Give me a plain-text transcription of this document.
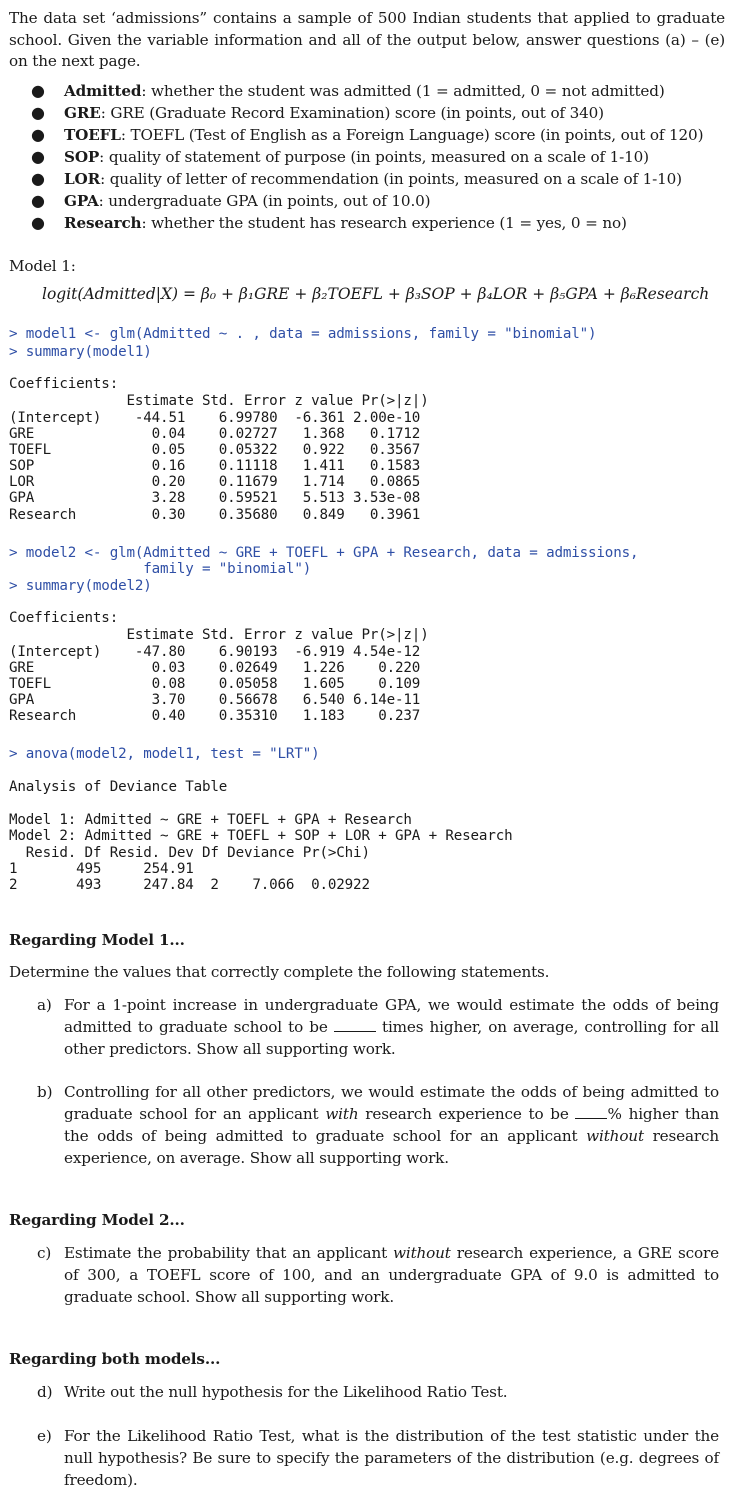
The data set ‘admissions” contains a sample of 500 Indian students that applied to graduate school. Given the variable information and all of the output below, answer questions (a) – (e) on the next page.

● Admitted: whether the student was admitted (1 = admitted, 0 = not admitted)
● GRE: GRE (Graduate Record Examination) score (in points, out of 340)
● TOEFL: TOEFL (Test of English as a Foreign Language) score (in points, out of 120)
● SOP: quality of statement of purpose (in points, measured on a scale of 1-10)
● LOR: quality of letter of recommendation (in points, measured on a scale of 1-10)
● GPA: undergraduate GPA (in points, out of 10.0)
● Research: whether the student has research experience (1 = yes, 0 = no)
Model 1:
logit(Admitted|X) = β₀ + β₁GRE + β₂TOEFL + β₃SOP + β₄LOR + β₅GPA + β₆Research

> model1 <- glm(Admitted ~ . , data = admissions, family = "binomial")

> summary(model1)

Coefficients:

Estimate Std. Error z value Pr(>|z|)

(Intercept)    -44.51    6.99780  -6.361 2.00e-10

GRE              0.04    0.02727   1.368   0.1712

TOEFL            0.05    0.05322   0.922   0.3567

SOP              0.16    0.11118   1.411   0.1583

LOR              0.20    0.11679   1.714   0.0865

GPA              3.28    0.59521   5.513 3.53e-08

Research         0.30    0.35680   0.849   0.3961

> model2 <- glm(Admitted ~ GRE + TOEFL + GPA + Research, data = admissions,

family = "binomial")

> summary(model2)

Coefficients:

Estimate Std. Error z value Pr(>|z|)

(Intercept)    -47.80    6.90193  -6.919 4.54e-12

GRE              0.03    0.02649   1.226    0.220

TOEFL            0.08    0.05058   1.605    0.109

GPA              3.70    0.56678   6.540 6.14e-11

Research         0.40    0.35310   1.183    0.237

> anova(model2, model1, test = "LRT")

Analysis of Deviance Table

Model 1: Admitted ~ GRE + TOEFL + GPA + Research

Model 2: Admitted ~ GRE + TOEFL + SOP + LOR + GPA + Research

Resid. Df Resid. Dev Df Deviance Pr(>Chi)

1       495     254.91

2       493     247.84  2    7.066  0.02922

Regarding Model 1...
Determine the values that correctly complete the following statements.
a) For a 1-point increase in undergraduate GPA, we would estimate the odds of being admitted to graduate school to be	times higher, on average, controlling for all other predictors. Show all supporting work.
b) Controlling for all other predictors, we would estimate the odds of being admitted to graduate school for an applicant with research experience to be % higher than the odds of being admitted to graduate school for an applicant without research experience, on average. Show all supporting work.
Regarding Model 2...
c) Estimate the probability that an applicant without research experience, a GRE score of 300, a TOEFL score of 100, and an undergraduate GPA of 9.0 is admitted to graduate school. Show all supporting work.
Regarding both models...
d) Write out the null hypothesis for the Likelihood Ratio Test.
e) For the Likelihood Ratio Test, what is the distribution of the test statistic under the null hypothesis? Be sure to specify the parameters of the distribution (e.g. degrees of freedom).
